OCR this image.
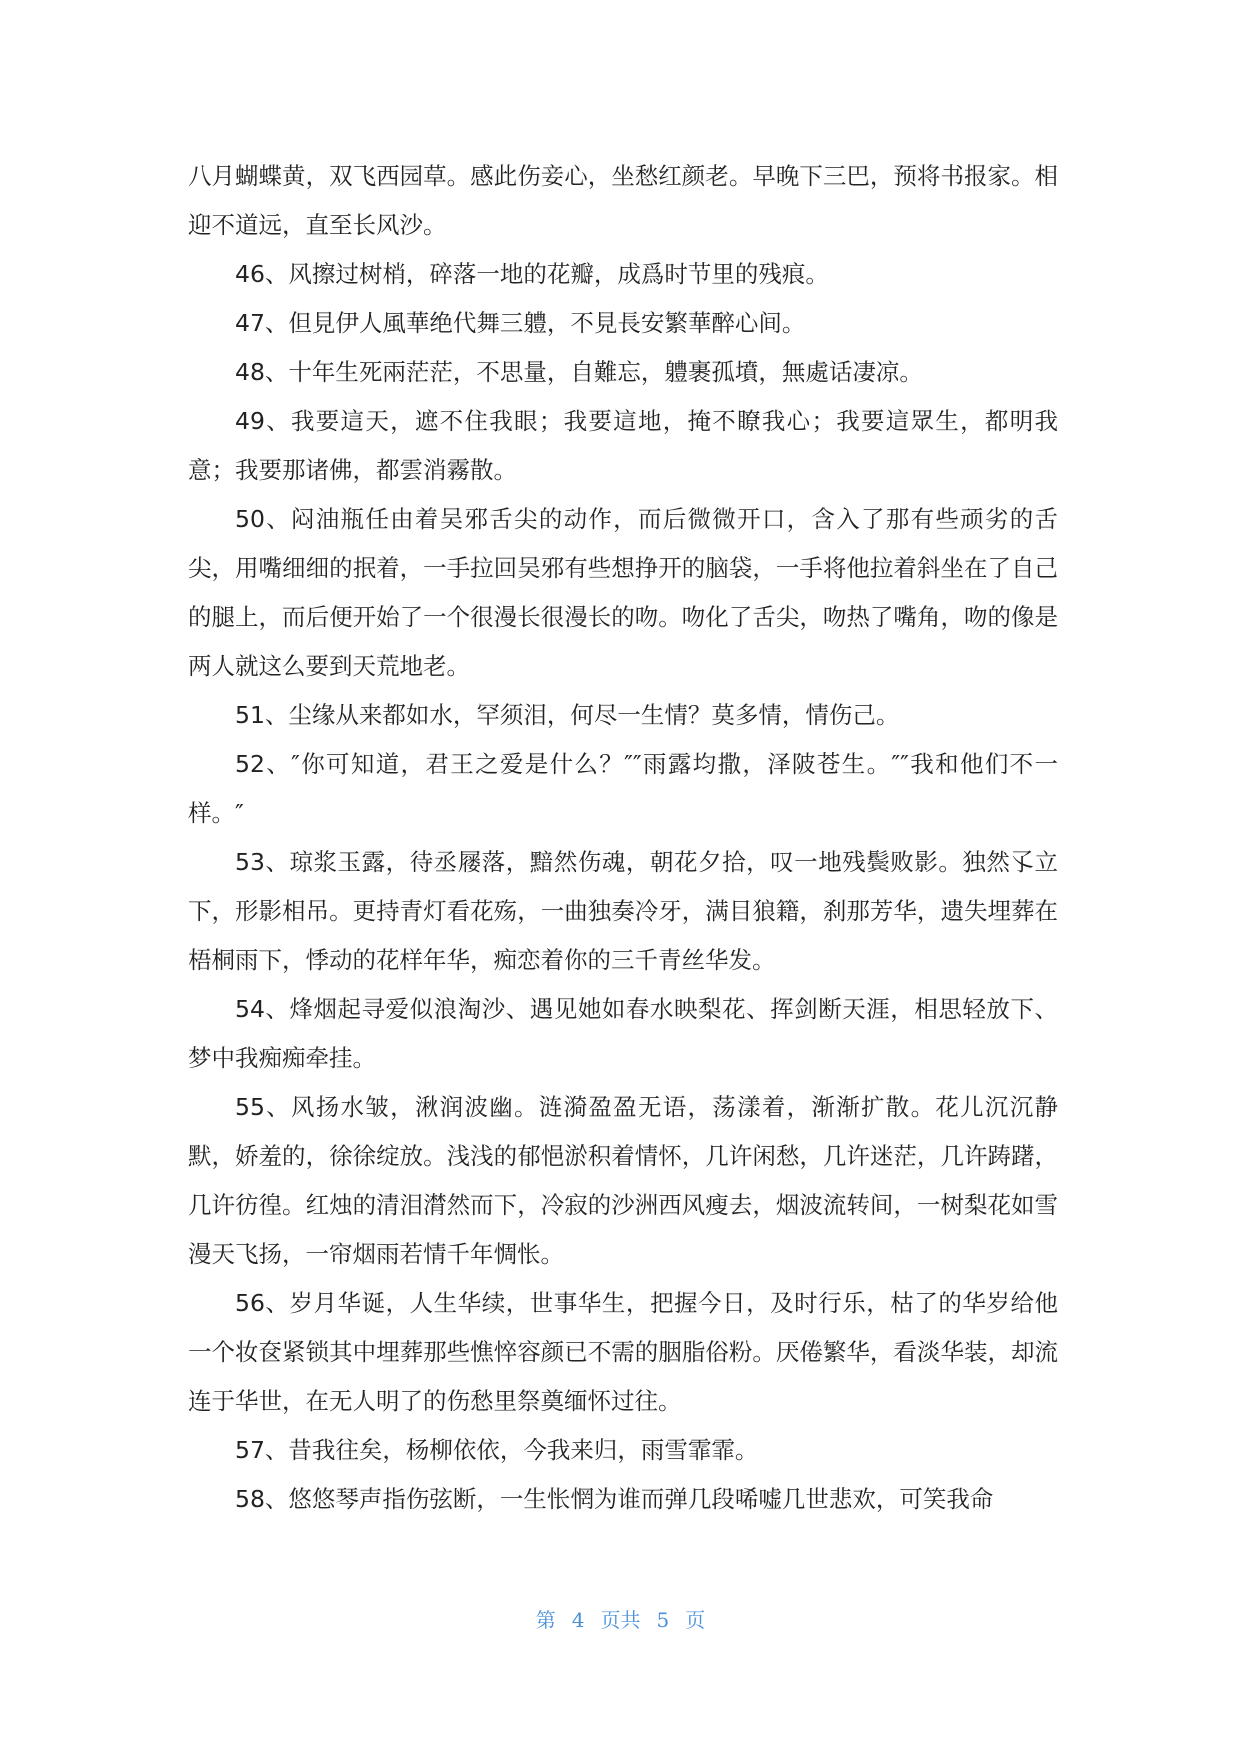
八月蝴蝶黄，双飞西园草。感此伤妾心，坐愁红颜老。早晚下三巴，预将书报家。相迎不道远，直至长风沙。

46、风擦过树梢，碎落一地的花瓣，成爲时节里的残痕。

47、但見伊人風華绝代舞三軆，不見長安繁華醉心间。

48、十年生死兩茫茫，不思量，自難忘，軆裹孤墳，無處话凄凉。

49、我要這天，遮不住我眼；我要這地，掩不瞭我心；我要這眾生，都明我意；我要那诸佛，都雲消霧散。

50、闷油瓶任由着吴邪舌尖的动作，而后微微开口，含入了那有些顽劣的舌尖，用嘴细细的抿着，一手拉回吴邪有些想挣开的脑袋，一手将他拉着斜坐在了自己的腿上，而后便开始了一个很漫长很漫长的吻。吻化了舌尖，吻热了嘴角，吻的像是两人就这么要到天荒地老。

51、尘缘从来都如水，罕须泪，何尽一生情？莫多情，情伤己。

52、″你可知道，君王之爱是什么？″″雨露均撒，泽陂苍生。″″我和他们不一样。″

53、琼浆玉露，待丞屦落，黯然伤魂，朝花夕拾，叹一地残鬓败影。独然孓立下，形影相吊。更持青灯看花殇，一曲独奏冷牙，满目狼籍，刹那芳华，遗失埋葬在梧桐雨下，悸动的花样年华，痴恋着你的三千青丝华发。

54、烽烟起寻爱似浪淘沙、遇见她如春水映梨花、挥剑断天涯，相思轻放下、梦中我痴痴牵挂。

55、风扬水皱，湫润波幽。涟漪盈盈无语，荡漾着，渐渐扩散。花儿沉沉静默，娇羞的，徐徐绽放。浅浅的郁悒淤积着情怀，几许闲愁，几许迷茫，几许踌躇，几许彷徨。红烛的清泪潸然而下，冷寂的沙洲西风瘦去，烟波流转间，一树梨花如雪漫天飞扬，一帘烟雨若情千年惆怅。

56、岁月华诞，人生华续，世事华生，把握今日，及时行乐，枯了的华岁给他一个妆奁紧锁其中埋葬那些憔悴容颜已不需的胭脂俗粉。厌倦繁华，看淡华装，却流连于华世，在无人明了的伤愁里祭奠缅怀过往。

57、昔我往矣，杨柳依依，今我来归，雨雪霏霏。

58、悠悠琴声指伤弦断，一生怅惘为谁而弹几段唏嘘几世悲欢，可笑我命

第 4 页共 5 页
